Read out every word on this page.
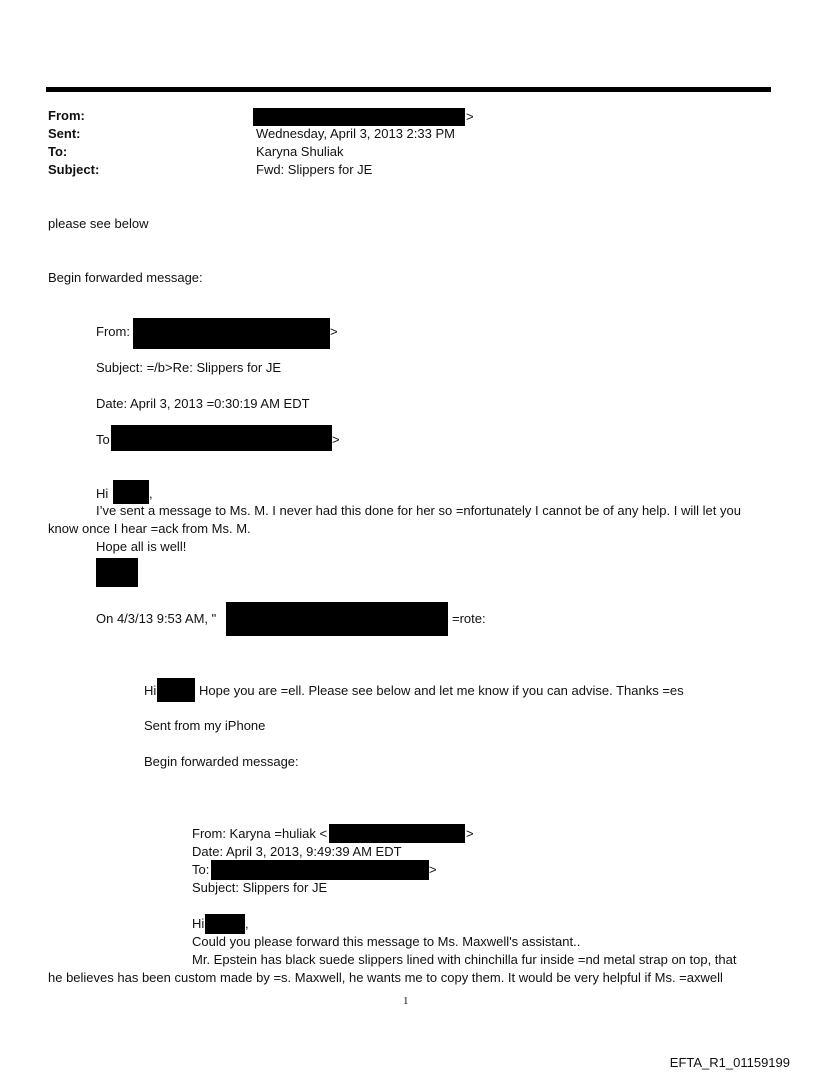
From:	>
Sent:	Wednesday, April 3, 2013 2:33 PM
To:	Karyna Shuliak
Subject:	Fwd: Slippers for JE
please see below
Begin forwarded message:
From:	>
Subject: =/b>Re: Slippers for JE
Date: April 3, 2013 =0:30:19 AM EDT
To	>
Hi	,
I’ve sent a message to Ms. M. I never had this done for her so =nfortunately I cannot be of any help. I will let you
know once I hear =ack from Ms. M.
Hope all is well!
On 4/3/13 9:53 AM, "	=rote:
Hi	Hope you are =ell. Please see below and let me know if you can advise. Thanks =es
Sent from my iPhone
Begin forwarded message:
From: Karyna =huliak <	>
Date: April 3, 2013, 9:49:39 AM EDT
To:	>
Subject: Slippers for JE
Hi	,
Could you please forward this message to Ms. Maxwell's assistant..
Mr. Epstein has black suede slippers lined with chinchilla fur inside =nd metal strap on top, that
he believes has been custom made by =s. Maxwell, he wants me to copy them. It would be very helpful if Ms. =axwell
1
EFTA_R1_01159199
